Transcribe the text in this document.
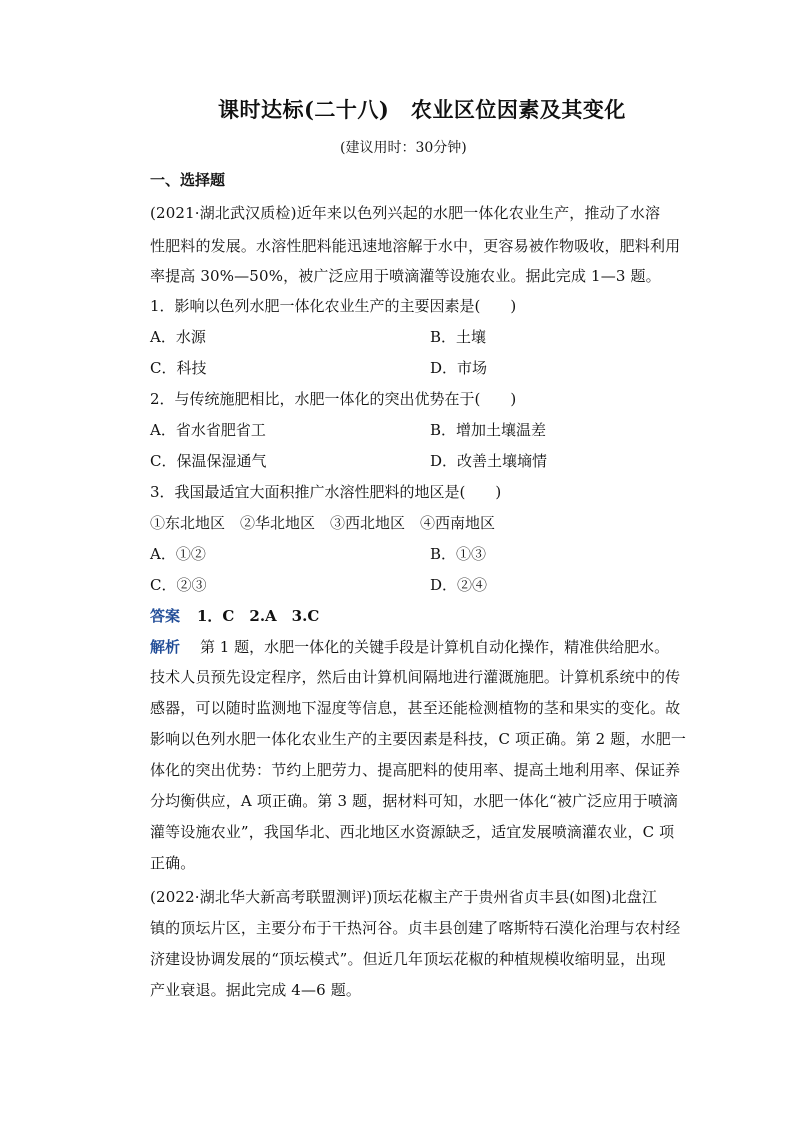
课时达标(二十八)　农业区位因素及其变化
(建议用时：30分钟)
一、选择题
(2021·湖北武汉质检)近年来以色列兴起的水肥一体化农业生产，推动了水溶
性肥料的发展。水溶性肥料能迅速地溶解于水中，更容易被作物吸收，肥料利用
率提高 30%—50%，被广泛应用于喷滴灌等设施农业。据此完成 1—3 题。
1．影响以色列水肥一体化农业生产的主要因素是(　　)
A．水源	B．土壤
C．科技	D．市场
2．与传统施肥相比，水肥一体化的突出优势在于(　　)
A．省水省肥省工	B．增加土壤温差
C．保温保湿通气	D．改善土壤墒情
3．我国最适宜大面积推广水溶性肥料的地区是(　　)
①东北地区　②华北地区　③西北地区　④西南地区
A．①②	B．①③
C．②③	D．②④
答案 1．C　2.A　3.C
解析 第 1 题，水肥一体化的关键手段是计算机自动化操作，精准供给肥水。
技术人员预先设定程序，然后由计算机间隔地进行灌溉施肥。计算机系统中的传
感器，可以随时监测地下湿度等信息，甚至还能检测植物的茎和果实的变化。故
影响以色列水肥一体化农业生产的主要因素是科技，C 项正确。第 2 题，水肥一
体化的突出优势：节约上肥劳力、提高肥料的使用率、提高土地利用率、保证养
分均衡供应，A 项正确。第 3 题，据材料可知，水肥一体化“被广泛应用于喷滴
灌等设施农业”，我国华北、西北地区水资源缺乏，适宜发展喷滴灌农业，C 项
正确。
(2022·湖北华大新高考联盟测评)顶坛花椒主产于贵州省贞丰县(如图)北盘江
镇的顶坛片区，主要分布于干热河谷。贞丰县创建了喀斯特石漠化治理与农村经
济建设协调发展的“顶坛模式”。但近几年顶坛花椒的种植规模收缩明显，出现
产业衰退。据此完成 4—6 题。
